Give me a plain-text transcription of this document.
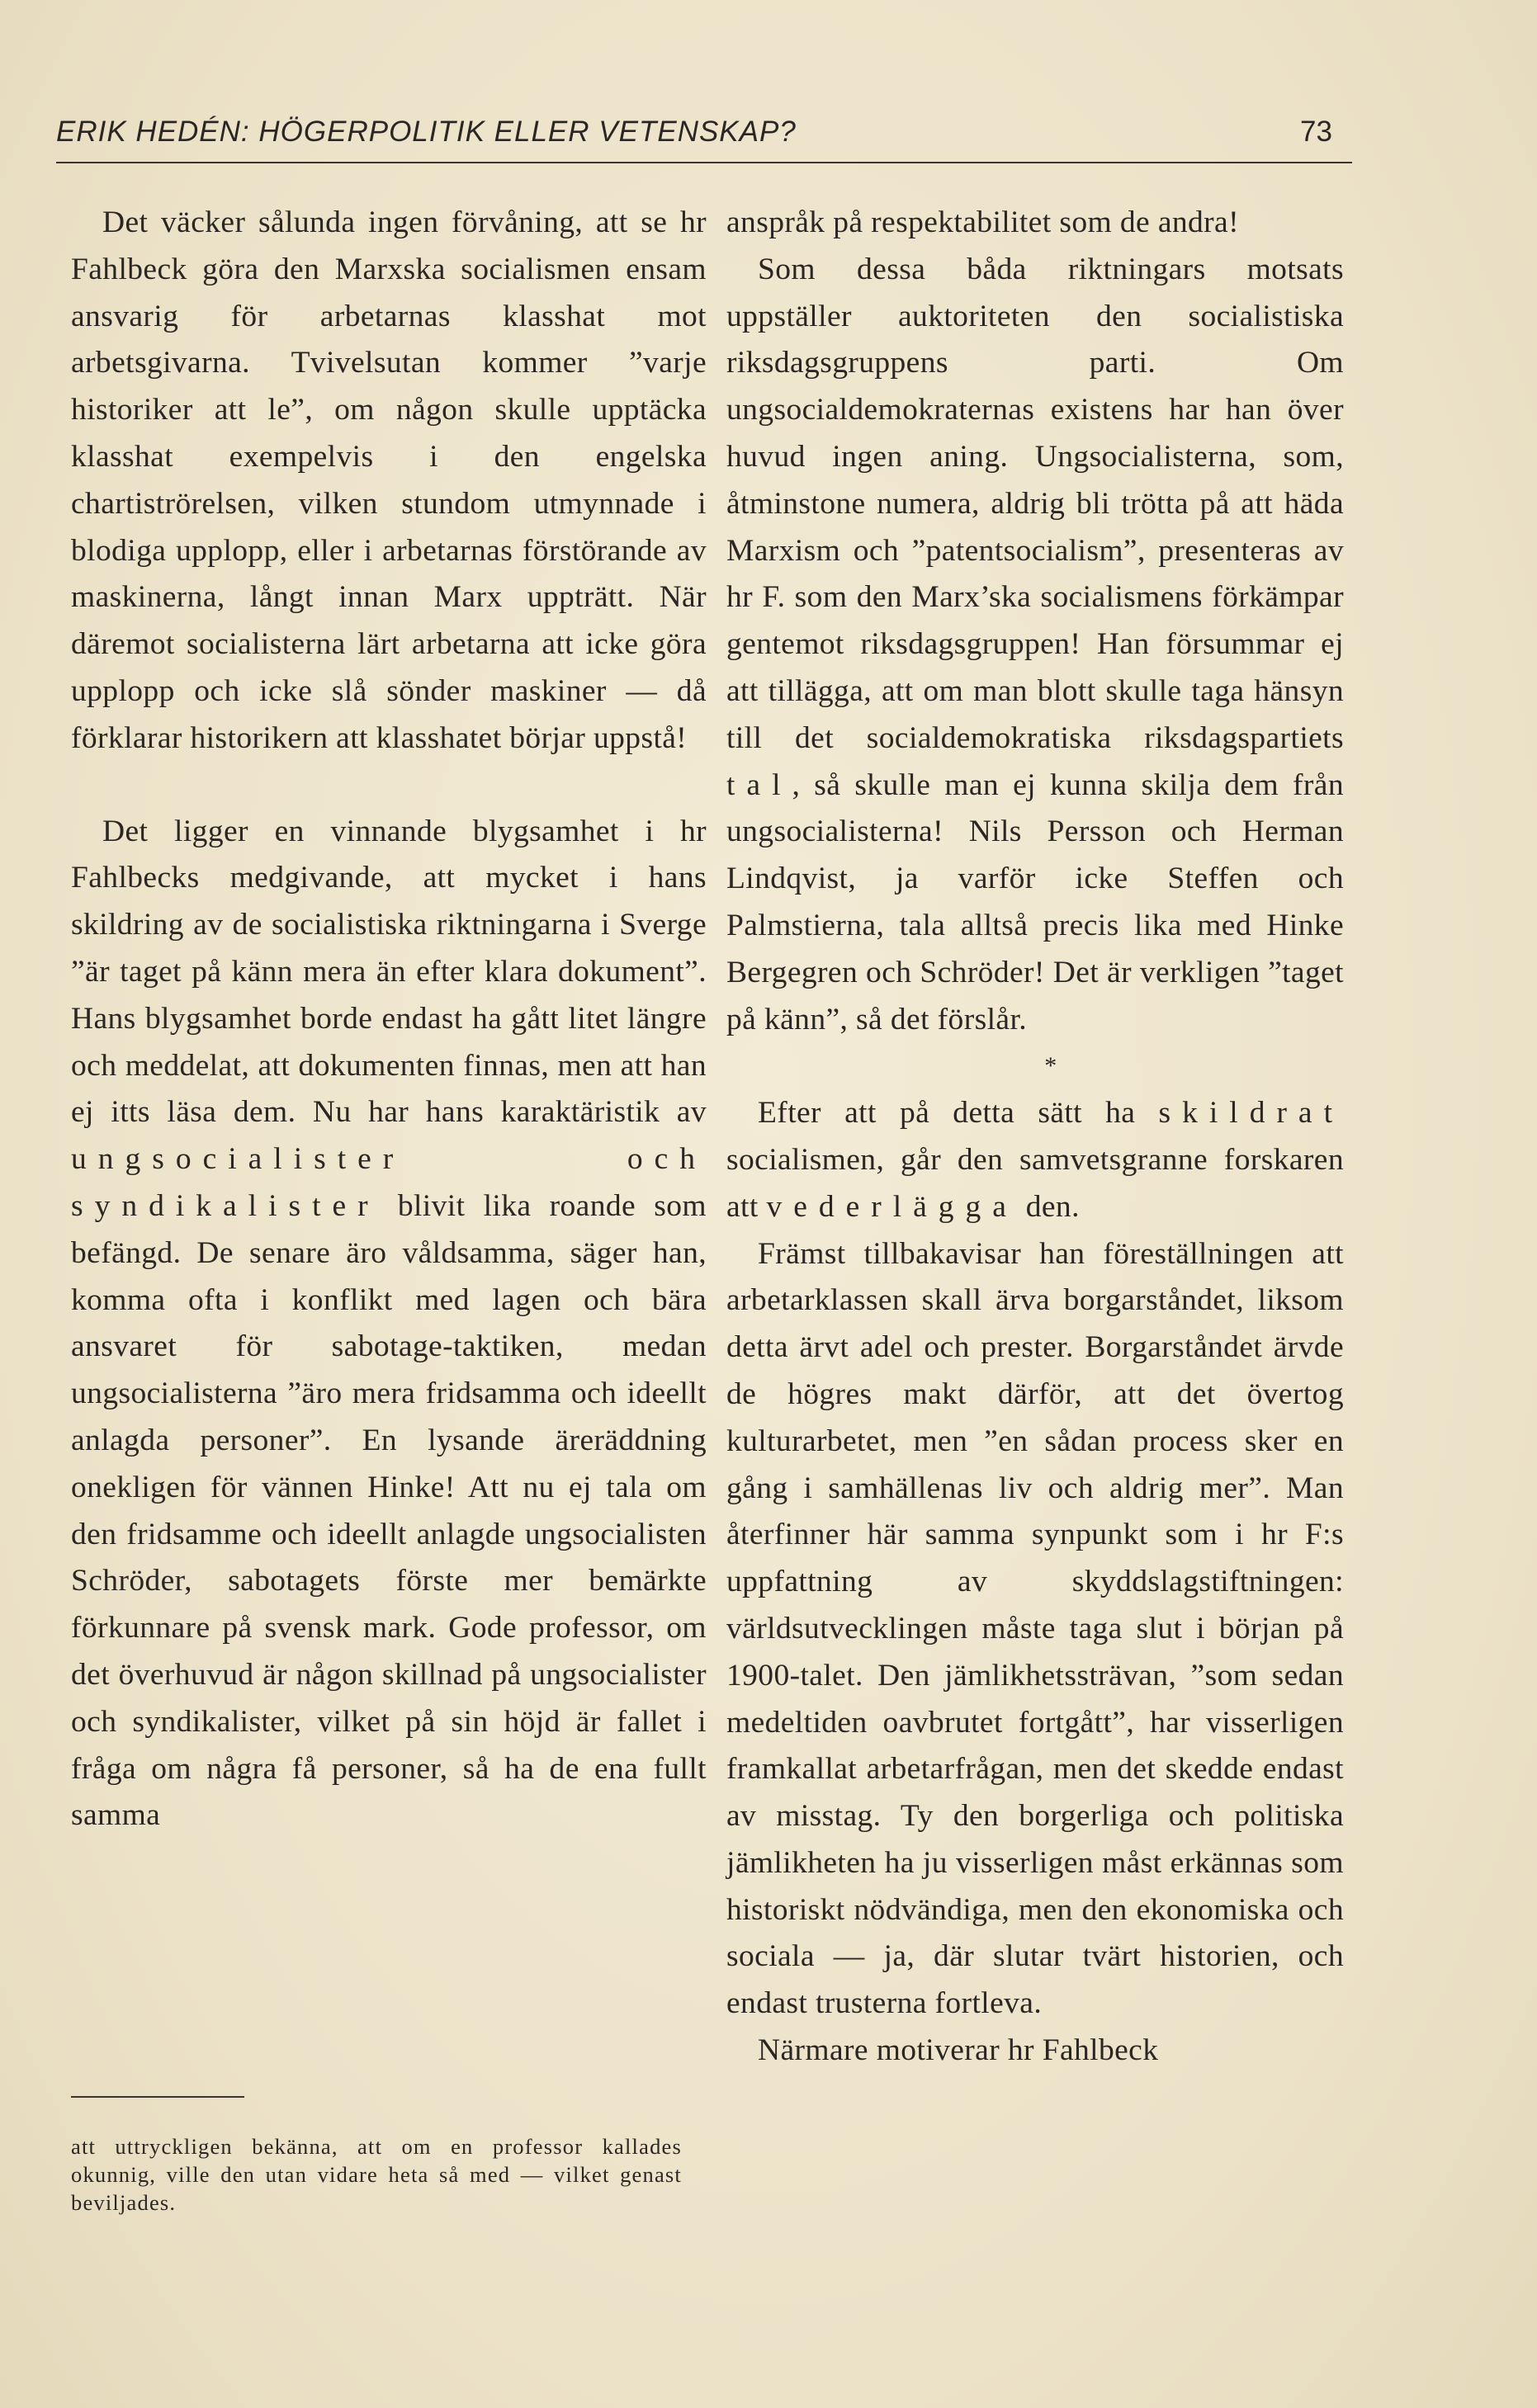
ERIK HEDÉN: HÖGERPOLITIK ELLER VETENSKAP?	73

Det väcker sålunda ingen förvåning, att se hr Fahlbeck göra den Marxska socialismen ensam ansvarig för arbetarnas klasshat mot arbetsgivarna. Tvivelsutan kommer ”varje historiker att le”, om någon skulle upptäcka klasshat exempelvis i den engelska chartiströrelsen, vilken stundom utmynnade i blodiga upplopp, eller i arbetarnas förstörande av maskinerna, långt innan Marx uppträtt. När däremot socialisterna lärt arbetarna att icke göra upplopp och icke slå sönder maskiner — då förklarar historikern att klasshatet börjar uppstå!

Det ligger en vinnande blygsamhet i hr Fahlbecks medgivande, att mycket i hans skildring av de socialistiska riktningarna i Sverge ”är taget på känn mera än efter klara dokument”. Hans blygsamhet borde endast ha gått litet längre och meddelat, att dokumenten finnas, men att han ej itts läsa dem. Nu har hans karaktäristik av ungsocialister och syndikalister blivit lika roande som befängd. De senare äro våldsamma, säger han, komma ofta i konflikt med lagen och bära ansvaret för sabotage-taktiken, medan ungsocialisterna ”äro mera fridsamma och ideellt anlagda personer”. En lysande äreräddning onekligen för vännen Hinke! Att nu ej tala om den fridsamme och ideellt anlagde ungsocialisten Schröder, sabotagets förste mer bemärkte förkunnare på svensk mark. Gode professor, om det överhuvud är någon skillnad på ungsocialister och syndikalister, vilket på sin höjd är fallet i fråga om några få personer, så ha de ena fullt samma

att uttryckligen bekänna, att om en professor kallades okunnig, ville den utan vidare heta så med — vilket genast beviljades.

anspråk på respektabilitet som de andra!

Som dessa båda riktningars motsats uppställer auktoriteten den socialistiska riksdagsgruppens parti. Om ungsocialdemokraternas existens har han över huvud ingen aning. Ungsocialisterna, som, åtminstone numera, aldrig bli trötta på att häda Marxism och ”patentsocialism”, presenteras av hr F. som den Marx’ska socialismens förkämpar gentemot riksdagsgruppen! Han försummar ej att tillägga, att om man blott skulle taga hänsyn till det socialdemokratiska riksdagspartiets tal, så skulle man ej kunna skilja dem från ungsocialisterna! Nils Persson och Herman Lindqvist, ja varför icke Steffen och Palmstierna, tala alltså precis lika med Hinke Bergegren och Schröder! Det är verkligen ”taget på känn”, så det förslår.

*

Efter att på detta sätt ha skildrat socialismen, går den samvetsgranne forskaren att vederlägga den.

Främst tillbakavisar han föreställningen att arbetarklassen skall ärva borgarståndet, liksom detta ärvt adel och prester. Borgarståndet ärvde de högres makt därför, att det övertog kulturarbetet, men ”en sådan process sker en gång i samhällenas liv och aldrig mer”. Man återfinner här samma synpunkt som i hr F:s uppfattning av skyddslagstiftningen: världsutvecklingen måste taga slut i början på 1900-talet. Den jämlikhetssträvan, ”som sedan medeltiden oavbrutet fortgått”, har visserligen framkallat arbetarfrågan, men det skedde endast av misstag. Ty den borgerliga och politiska jämlikheten ha ju visserligen måst erkännas som historiskt nödvändiga, men den ekonomiska och sociala — ja, där slutar tvärt historien, och endast trusterna fortleva.

Närmare motiverar hr Fahlbeck
